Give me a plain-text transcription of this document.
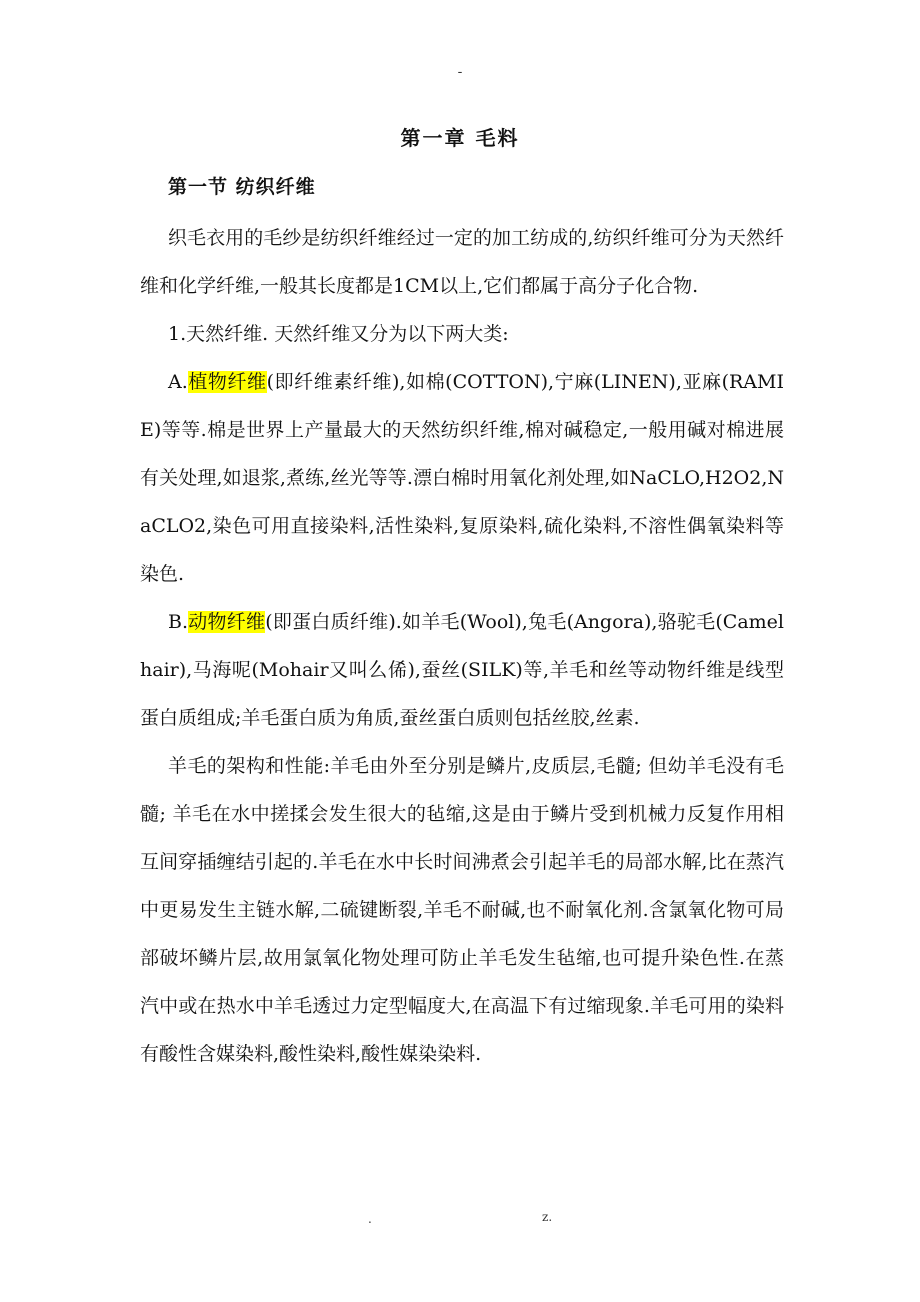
-
第一章 毛料
第一节 纺织纤维

织毛衣用的毛纱是纺织纤维经过一定的加工纺成的,纺织纤维可分为天然纤维和化学纤维,一般其长度都是1CM以上,它们都属于高分子化合物.

1.天然纤维. 天然纤维又分为以下两大类:

A.植物纤维(即纤维素纤维),如棉(COTTON),宁麻(LINEN),亚麻(RAMIE)等等.棉是世界上产量最大的天然纺织纤维,棉对碱稳定,一般用碱对棉进展有关处理,如退浆,煮练,丝光等等.漂白棉时用氧化剂处理,如NaCLO,H2O2,NaCLO2,染色可用直接染料,活性染料,复原染料,硫化染料,不溶性偶氧染料等染色.

B.动物纤维(即蛋白质纤维).如羊毛(Wool),兔毛(Angora),骆驼毛(Camelhair),马海呢(Mohair又叫么俙),蚕丝(SILK)等,羊毛和丝等动物纤维是线型蛋白质组成;羊毛蛋白质为角质,蚕丝蛋白质则包括丝胶,丝素.

羊毛的架构和性能:羊毛由外至分别是鳞片,皮质层,毛髓; 但幼羊毛没有毛髓; 羊毛在水中搓揉会发生很大的毡缩,这是由于鳞片受到机械力反复作用相互间穿插缠结引起的.羊毛在水中长时间沸煮会引起羊毛的局部水解,比在蒸汽中更易发生主链水解,二硫键断裂,羊毛不耐碱,也不耐氧化剂.含氯氧化物可局部破坏鳞片层,故用氯氧化物处理可防止羊毛发生毡缩,也可提升染色性.在蒸汽中或在热水中羊毛透过力定型幅度大,在高温下有过缩现象.羊毛可用的染料有酸性含媒染料,酸性染料,酸性媒染染料.

.	z.
